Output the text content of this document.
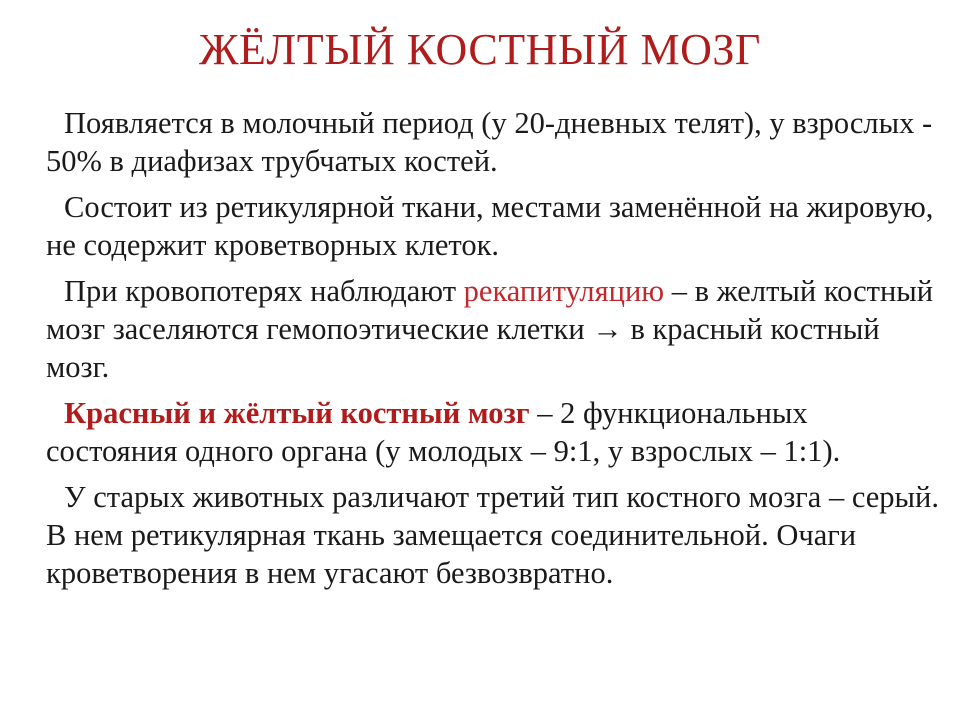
ЖЁЛТЫЙ КОСТНЫЙ МОЗГ

Появляется в молочный период (у 20-дневных телят), у взрослых - 50% в диафизах трубчатых костей.

Состоит из ретикулярной ткани, местами заменённой на жировую, не содержит кроветворных клеток.

При кровопотерях наблюдают рекапитуляцию – в желтый костный мозг заселяются гемопоэтические клетки → в красный костный мозг.

Красный и жёлтый костный мозг – 2 функциональных состояния одного органа (у молодых – 9:1, у взрослых – 1:1).

У старых животных различают третий тип костного мозга – серый. В нем ретикулярная ткань замещается соединительной. Очаги кроветворения в нем угасают безвозвратно.
